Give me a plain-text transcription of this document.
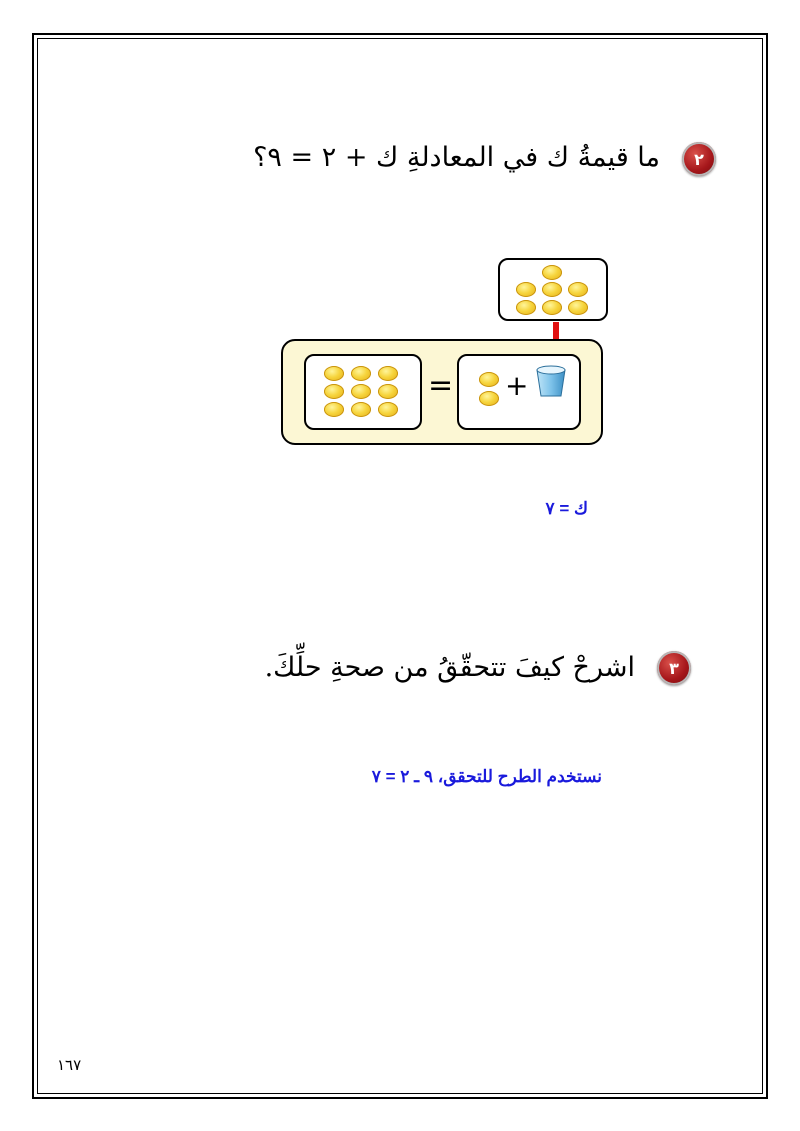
٢
ما قيمةُ ك في المعادلةِ ك + ٢ = ٩؟
= +
ك = ٧
٣
اشرحْ كيفَ تتحقّقُ من صحةِ حلِّكَ.
نستخدم الطرح للتحقق، ٩ ـ ٢ = ٧
١٦٧
